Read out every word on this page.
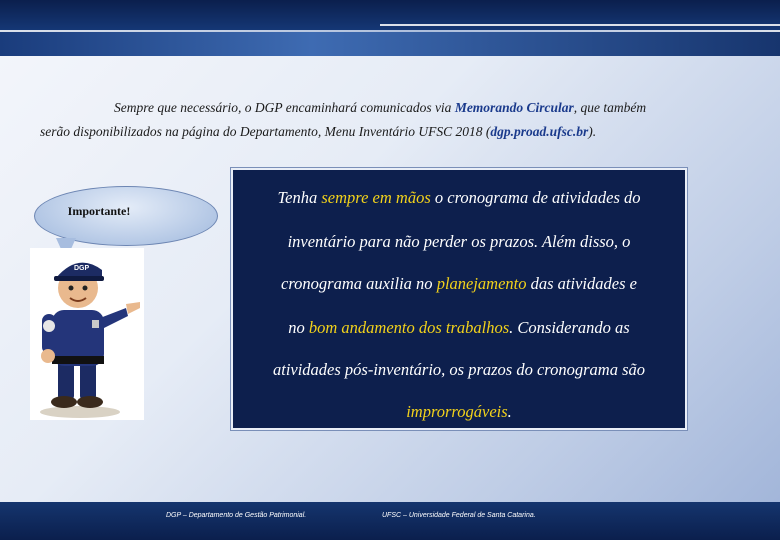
Sempre que necessário, o DGP encaminhará comunicados via Memorando Circular, que também
serão disponibilizados na página do Departamento, Menu Inventário UFSC 2018 (dgp.proad.ufsc.br).
Importante!
DGP

Tenha sempre em mãos o cronograma de atividades do

inventário para não perder os prazos. Além disso, o

cronograma auxilia no planejamento das atividades e

no bom andamento dos trabalhos. Considerando as

atividades pós-inventário, os prazos do cronograma são

improrrogáveis.

DGP – Departamento de Gestão Patrimonial.	UFSC – Universidade Federal de Santa Catarina.
